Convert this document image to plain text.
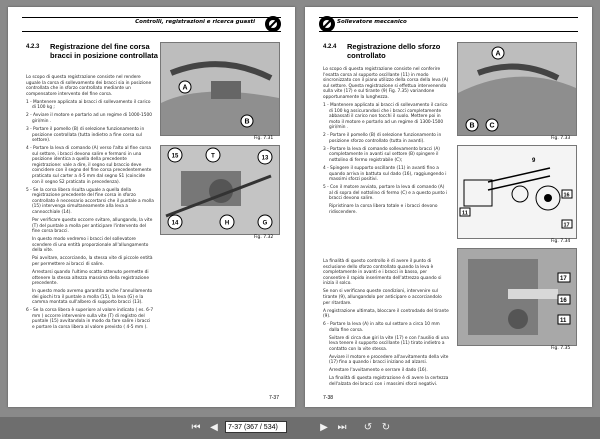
Controlli, registrazioni e ricerca guasti
4.2.3 Registrazione del fine corsa bracci in posizione controllata

Lo scopo di questa registrazione consiste nel rendere uguale la corsa di sollevamento dei bracci sia in posizione controllata che in sforzo controllato mediante un compensatore intervento del fine corsa.

1 - Mantenere applicato ai bracci di sollevamento il carico di 100 kg ;

2 - Avviare il motore e portarlo ad un regime di 1000-1500 giri/min .

3 - Portare il pomello (B) di selezione funzionamento in posizione controllata (tutta indietro a fine corsa sul settore).

4 - Portare la leva di comando (A) verso l'alto al fine corsa sul settore, i bracci devono salire e fermarsi in una posizione identica a quella della precedente registrazione: vale a dire, il segno sul braccio deve coincidere con il segno del fine corsa precedentemente praticato sul carter a 4-5 mm dal segno S1 (coincide con il segno S2 praticato in precedenza).

5 - Se la corsa libera risulta uguale a quella della registrazione precedente del fine corsa in sforzo controllato è necessario accertarsi che il puntale a molla (15) intervenga simultaneamente alla leva a cannocchiale (14).

Per verificare questo occorre svitare, allungando, la vite (T) del puntale a molla per anticipare l'intervento del fine corsa bracci.

In questo modo vedremo i bracci del sollevatore scendere di una entità proporzionale all'allungamento della vite.

Poi avvitare, accorciando, la stessa vite di piccole entità per permettere ai bracci di salire.

Arrestarsi quando l'ultimo scatto ottenuto permette di ottenere la stessa altezza massima della registrazione precedente.

In questo modo avremo garantito anche l'annullamento dei giochi tra il puntale a molla (15), la leva (G) e la camma montata sull'albero di supporto bracci (13).

6 - Se la corsa libera è superiore al valore indicato ( es. 6-7 mm ) occorre intervenire sulla vite (T) di registro del puntale (15) avvitandola in modo da fare salire i bracci e portare la corsa libera al valore previsto ( 4-5 mm ).

A
B
Fig. 7.31
15	T	13
14	H	G
Fig. 7.32
7-37
Sollevatore meccanico
4.2.4 Registrazione dello sforzo controllato

Lo scopo di questa registrazione consiste nel conferire l'esatta corsa al supporto oscillante (11) in modo sincronizzato con il piano utilizzo della corsa della leva (A) sul settore. Questa registrazione si effettua intervenendo sulla vite (17) e sul tirante (9) Fig. 7.35) variandone opportunamente la lunghezza.

1 - Mantenere applicato ai bracci di sollevamento il carico di 100 kg assicurandosi che i bracci completamente abbassati il carico non tocchi il suolo. Mettere poi in moto il motore e portarlo ad un regime di 1300-1500 giri/min .

2 - Portare il pomello (B) di selezione funzionamento in posizione sforzo controllato (tutta in avanti).

3 - Portare la leva di comando sollevamento bracci (A) completamente in avanti sul settore (B) spingere il nottolino di fermo registrabile (C);

4 - Spingere il supporto oscillante (11) in avanti fino a quando arriva in battuta sul dado (16), raggiungendo i massimi sforzi positivi.

5 - Con il motore avviato, portare la leva di comando (A) al di sopra del nottolino di fermo (C) e a questo punto i bracci devono salire.

Ripristinare la corsa libera totale e i bracci devono ridiscendere.

La finalità di questo controllo è di avere il punto di esclusione dello sforzo controllato quando la leva è completamente in avanti e i bracci in basso, per consentire il rapido inserimento dell'attrezzo quando si inizia il solco.

Se non si verificano queste condizioni, intervenire sul tirante (9), allungandolo per anticipare o accorciandolo per ritardare.

A registrazione ultimata, bloccare il controdado del tirante (9).

6 - Portare la leva (A) in alto sul settore a circa 10 mm dalla fine corsa.

Svitare di circa due giri la vite (17) e con l'ausilio di una leva tenere il supporto oscillante (11) tirato indietro a contatto con la vite stessa.

Avviare il motore e procedere all'avvitamento della vite (17) fino a quando i bracci iniziano ad alzarsi.

Arrestare l'avvitamento e serrare il dado (16).

La finalità di questa registrazione è di avere la certezza dell'alzata dei bracci con i massimi sforzi negativi.

A
B C
Fig. 7.33
9
11
16
17
Fig. 7.34
17
16
11
Fig. 7.35
7-38
⏮ ◀	7-37 (367 / 534)	▶ ⏭ ↺ ↻
